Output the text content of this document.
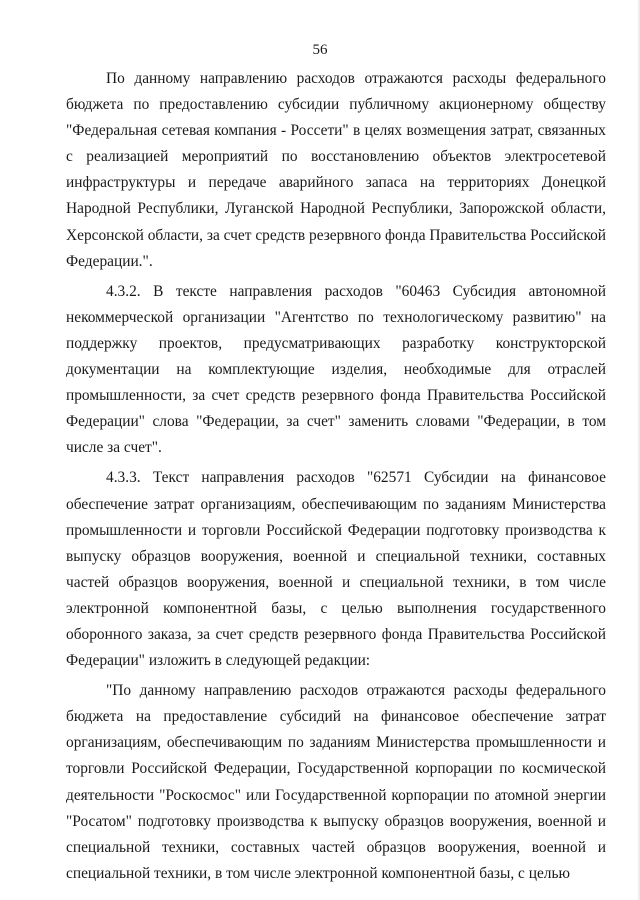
56

По данному направлению расходов отражаются расходы федерального бюджета по предоставлению субсидии публичному акционерному обществу "Федеральная сетевая компания - Россети" в целях возмещения затрат, связанных с реализацией мероприятий по восстановлению объектов электросетевой инфраструктуры и передаче аварийного запаса на территориях Донецкой Народной Республики, Луганской Народной Республики, Запорожской области, Херсонской области, за счет средств резервного фонда Правительства Российской Федерации.".

4.3.2. В тексте направления расходов "60463 Субсидия автономной некоммерческой организации "Агентство по технологическому развитию" на поддержку проектов, предусматривающих разработку конструкторской документации на комплектующие изделия, необходимые для отраслей промышленности, за счет средств резервного фонда Правительства Российской Федерации" слова "Федерации, за счет" заменить словами "Федерации, в том числе за счет".

4.3.3. Текст направления расходов "62571 Субсидии на финансовое обеспечение затрат организациям, обеспечивающим по заданиям Министерства промышленности и торговли Российской Федерации подготовку производства к выпуску образцов вооружения, военной и специальной техники, составных частей образцов вооружения, военной и специальной техники, в том числе электронной компонентной базы, с целью выполнения государственного оборонного заказа, за счет средств резервного фонда Правительства Российской Федерации" изложить в следующей редакции:

"По данному направлению расходов отражаются расходы федерального бюджета на предоставление субсидий на финансовое обеспечение затрат организациям, обеспечивающим по заданиям Министерства промышленности и торговли Российской Федерации, Государственной корпорации по космической деятельности "Роскосмос" или Государственной корпорации по атомной энергии "Росатом" подготовку производства к выпуску образцов вооружения, военной и специальной техники, составных частей образцов вооружения, военной и специальной техники, в том числе электронной компонентной базы, с целью
